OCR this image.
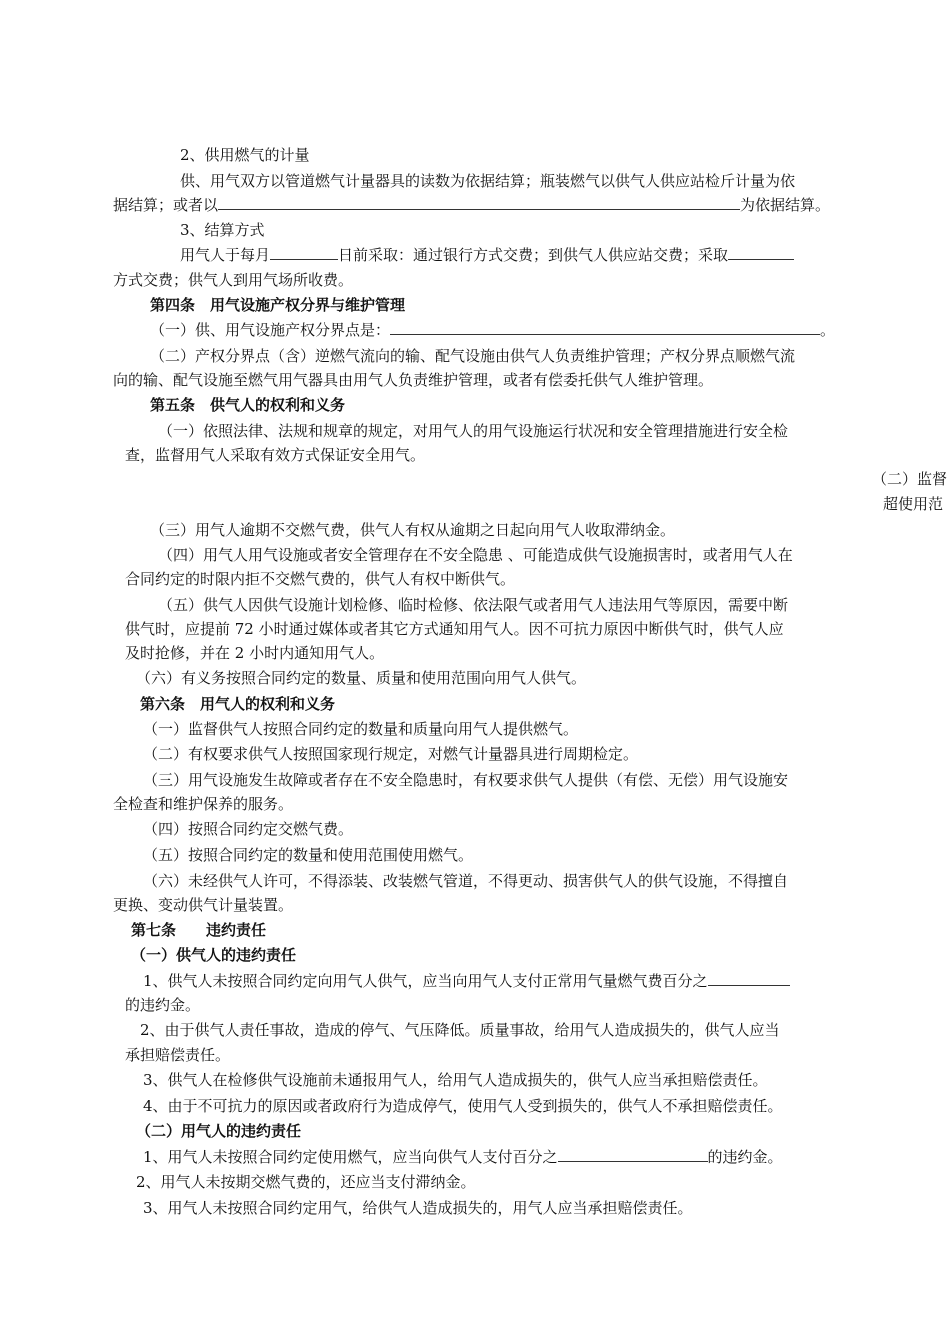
2、供用燃气的计量
供、用气双方以管道燃气计量器具的读数为依据结算；瓶装燃气以供气人供应站检斤计量为依
据结算；或者以	为依据结算。
3、结算方式
用气人于每月	日前采取：通过银行方式交费；到供气人供应站交费；采取
方式交费；供气人到用气场所收费。
第四条　用气设施产权分界与维护管理
（一）供、用气设施产权分界点是：	。
（二）产权分界点（含）逆燃气流向的输、配气设施由供气人负责维护管理；产权分界点顺燃气流
向的输、配气设施至燃气用气器具由用气人负责维护管理，或者有偿委托供气人维护管理。
第五条　供气人的权利和义务
（一）依照法律、法规和规章的规定，对用气人的用气设施运行状况和安全管理措施进行安全检
查，监督用气人采取有效方式保证安全用气。
（二）监督
超使用范
（三）用气人逾期不交燃气费，供气人有权从逾期之日起向用气人收取滞纳金。
（四）用气人用气设施或者安全管理存在不安全隐患 、可能造成供气设施损害时，或者用气人在
合同约定的时限内拒不交燃气费的，供气人有权中断供气。
（五）供气人因供气设施计划检修、临时检修、依法限气或者用气人违法用气等原因，需要中断
供气时，应提前 72 小时通过媒体或者其它方式通知用气人。因不可抗力原因中断供气时，供气人应
及时抢修，并在 2 小时内通知用气人。
（六）有义务按照合同约定的数量、质量和使用范围向用气人供气。
第六条　用气人的权利和义务
（一）监督供气人按照合同约定的数量和质量向用气人提供燃气。
（二）有权要求供气人按照国家现行规定，对燃气计量器具进行周期检定。
（三）用气设施发生故障或者存在不安全隐患时，有权要求供气人提供（有偿、无偿）用气设施安
全检查和维护保养的服务。
（四）按照合同约定交燃气费。
（五）按照合同约定的数量和使用范围使用燃气。
（六）未经供气人许可，不得添装、改装燃气管道，不得更动、损害供气人的供气设施，不得擅自
更换、变动供气计量装置。
第七条　　违约责任
（一）供气人的违约责任
1、供气人未按照合同约定向用气人供气，应当向用气人支付正常用气量燃气费百分之
的违约金。
2、由于供气人责任事故，造成的停气、气压降低。质量事故，给用气人造成损失的，供气人应当
承担赔偿责任。
3、供气人在检修供气设施前未通报用气人，给用气人造成损失的，供气人应当承担赔偿责任。
4、由于不可抗力的原因或者政府行为造成停气，使用气人受到损失的，供气人不承担赔偿责任。
（二）用气人的违约责任
1、用气人未按照合同约定使用燃气，应当向供气人支付百分之	的违约金。
2、用气人未按期交燃气费的，还应当支付滞纳金。
3、用气人未按照合同约定用气，给供气人造成损失的，用气人应当承担赔偿责任。
